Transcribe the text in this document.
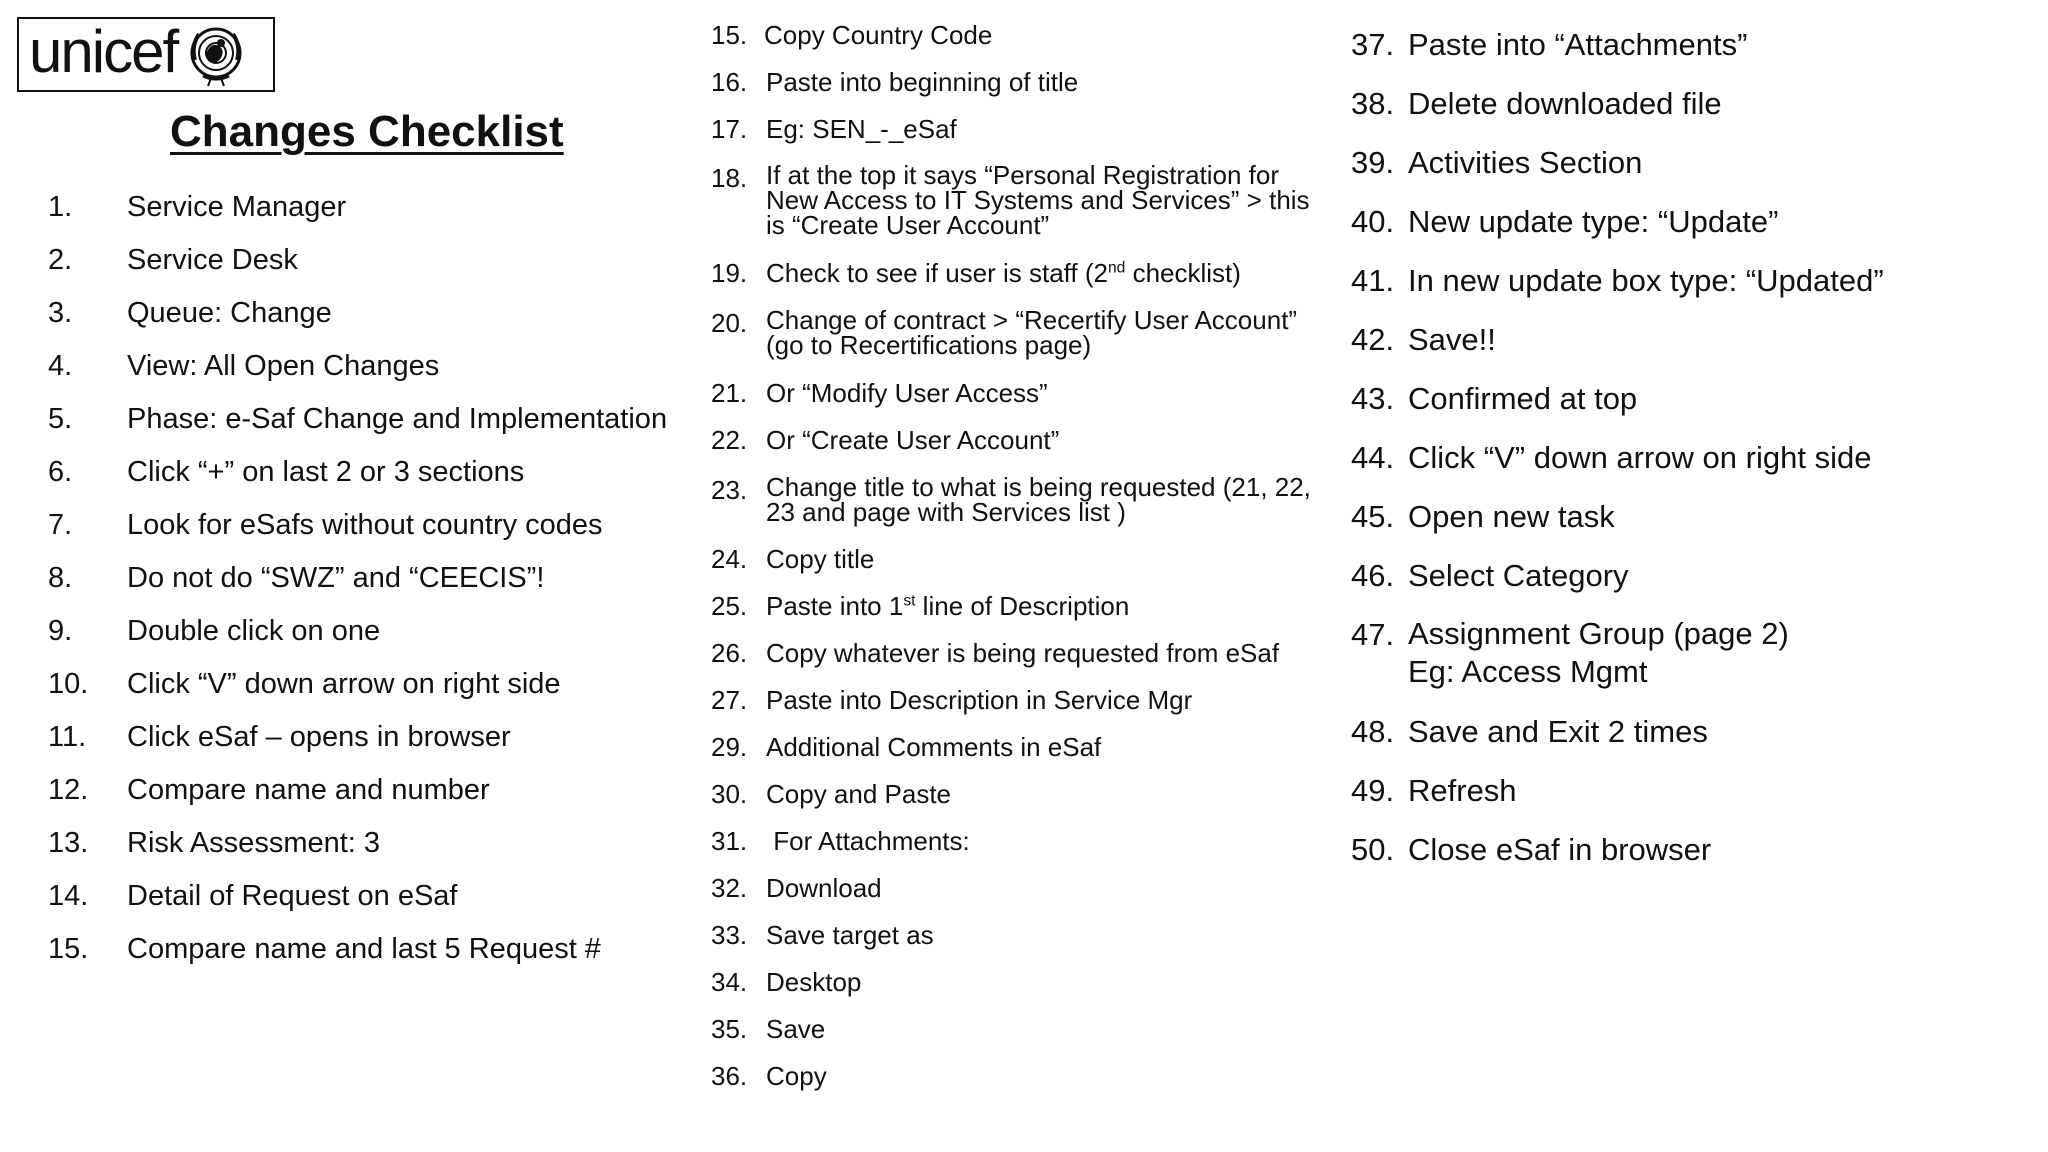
unicef
Changes Checklist
1. Service Manager
2. Service Desk
3. Queue: Change
4. View: All Open Changes
5. Phase: e-Saf Change and Implementation
6. Click “+” on last 2 or 3 sections
7. Look for eSafs without country codes
8. Do not do “SWZ” and “CEECIS”!
9. Double click on one
10. Click “V” down arrow on right side
11. Click eSaf – opens in browser
12. Compare name and number
13. Risk Assessment: 3
14. Detail of Request on eSaf
15. Compare name and last 5 Request #
15. Copy Country Code
16. Paste into beginning of title
17. Eg: SEN_-_eSaf
18. If at the top it says “Personal Registration for New Access to IT Systems and Services” > this is “Create User Account”
19. Check to see if user is staff (2nd checklist)
20. Change of contract > “Recertify User Account” (go to Recertifications page)
21. Or “Modify User Access”
22. Or “Create User Account”
23. Change title to what is being requested (21, 22, 23 and page with Services list )
24. Copy title
25. Paste into 1st line of Description
26. Copy whatever is being requested from eSaf
27. Paste into Description in Service Mgr
29. Additional Comments in eSaf
30. Copy and Paste
31. For Attachments:
32. Download
33. Save target as
34. Desktop
35. Save
36. Copy
37. Paste into “Attachments”
38. Delete downloaded file
39. Activities Section
40. New update type: “Update”
41. In new update box type: “Updated”
42. Save!!
43. Confirmed at top
44. Click “V” down arrow on right side
45. Open new task
46. Select Category
47. Assignment Group (page 2)
Eg: Access Mgmt
48. Save and Exit 2 times
49. Refresh
50. Close eSaf in browser
